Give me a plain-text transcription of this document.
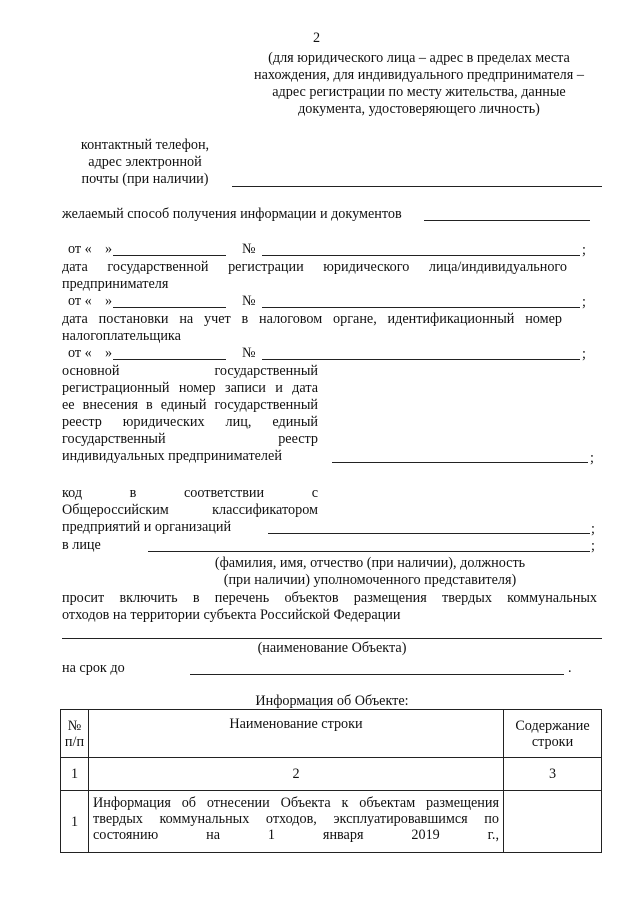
2
(для юридического лица – адрес в пределах места
нахождения, для индивидуального предпринимателя –
адрес регистрации по месту жительства, данные
документа, удостоверяющего личность)
контактный телефон,
адрес электронной
почты (при наличии)
желаемый способ получения информации и документов
от « »	№	;
дата государственной регистрации юридического лица/индивидуального
предпринимателя
от « »	№	;
дата постановки на учет в налоговом органе, идентификационный номер
налогоплательщика
от « »	№	;
основной государственный
регистрационный номер записи и дата
ее внесения в единый государственный
реестр юридических лиц, единый
государственный реестр
индивидуальных предпринимателей	;
код в соответствии с
Общероссийским классификатором
предприятий и организаций	;
в лице	;
(фамилия, имя, отчество (при наличии), должность
(при наличии) уполномоченного представителя)
просит включить в перечень объектов размещения твердых коммунальных
отходов на территории субъекта Российской Федерации
(наименование Объекта)
на срок до	.
Информация об Объекте:
№ п/п	Наименование строки	Содержание строки

1	2	3
1	Информация об отнесении Объекта к объектам размещения
твердых коммунальных отходов, эксплуатировавшимся по
состоянию на 1 января 2019 г.,	
